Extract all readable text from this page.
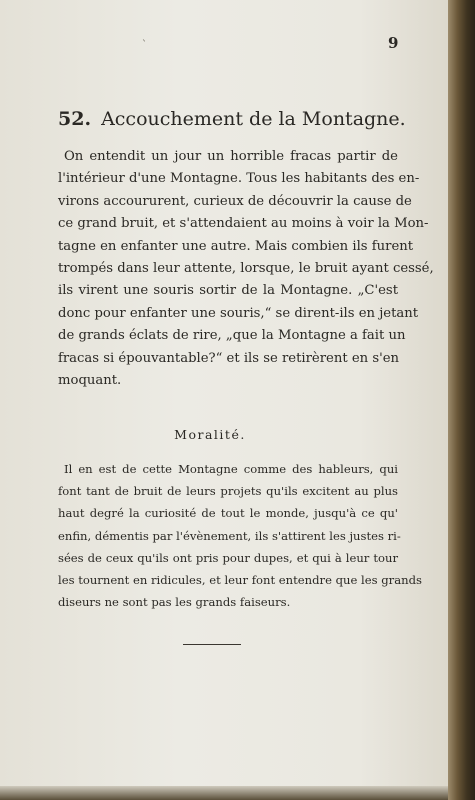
ˋ	9
52. Accouchement de la Montagne.
On entendit un jour un horrible fracas partir de
l'intérieur d'une Montagne. Tous les habitants des en-
virons accoururent, curieux de découvrir la cause de
ce grand bruit, et s'attendaient au moins à voir la Mon-
tagne en enfanter une autre. Mais combien ils furent
trompés dans leur attente, lorsque, le bruit ayant cessé,
ils virent une souris sortir de la Montagne. „C'est
donc pour enfanter une souris,“ se dirent-ils en jetant
de grands éclats de rire, „que la Montagne a fait un
fracas si épouvantable?“ et ils se retirèrent en s'en
moquant.
Moralité.
Il en est de cette Montagne comme des hableurs, qui
font tant de bruit de leurs projets qu'ils excitent au plus
haut degré la curiosité de tout le monde, jusqu'à ce qu'
enfin, démentis par l'évènement, ils s'attirent les justes ri-
sées de ceux qu'ils ont pris pour dupes, et qui à leur tour
les tournent en ridicules, et leur font entendre que les grands
diseurs ne sont pas les grands faiseurs.
